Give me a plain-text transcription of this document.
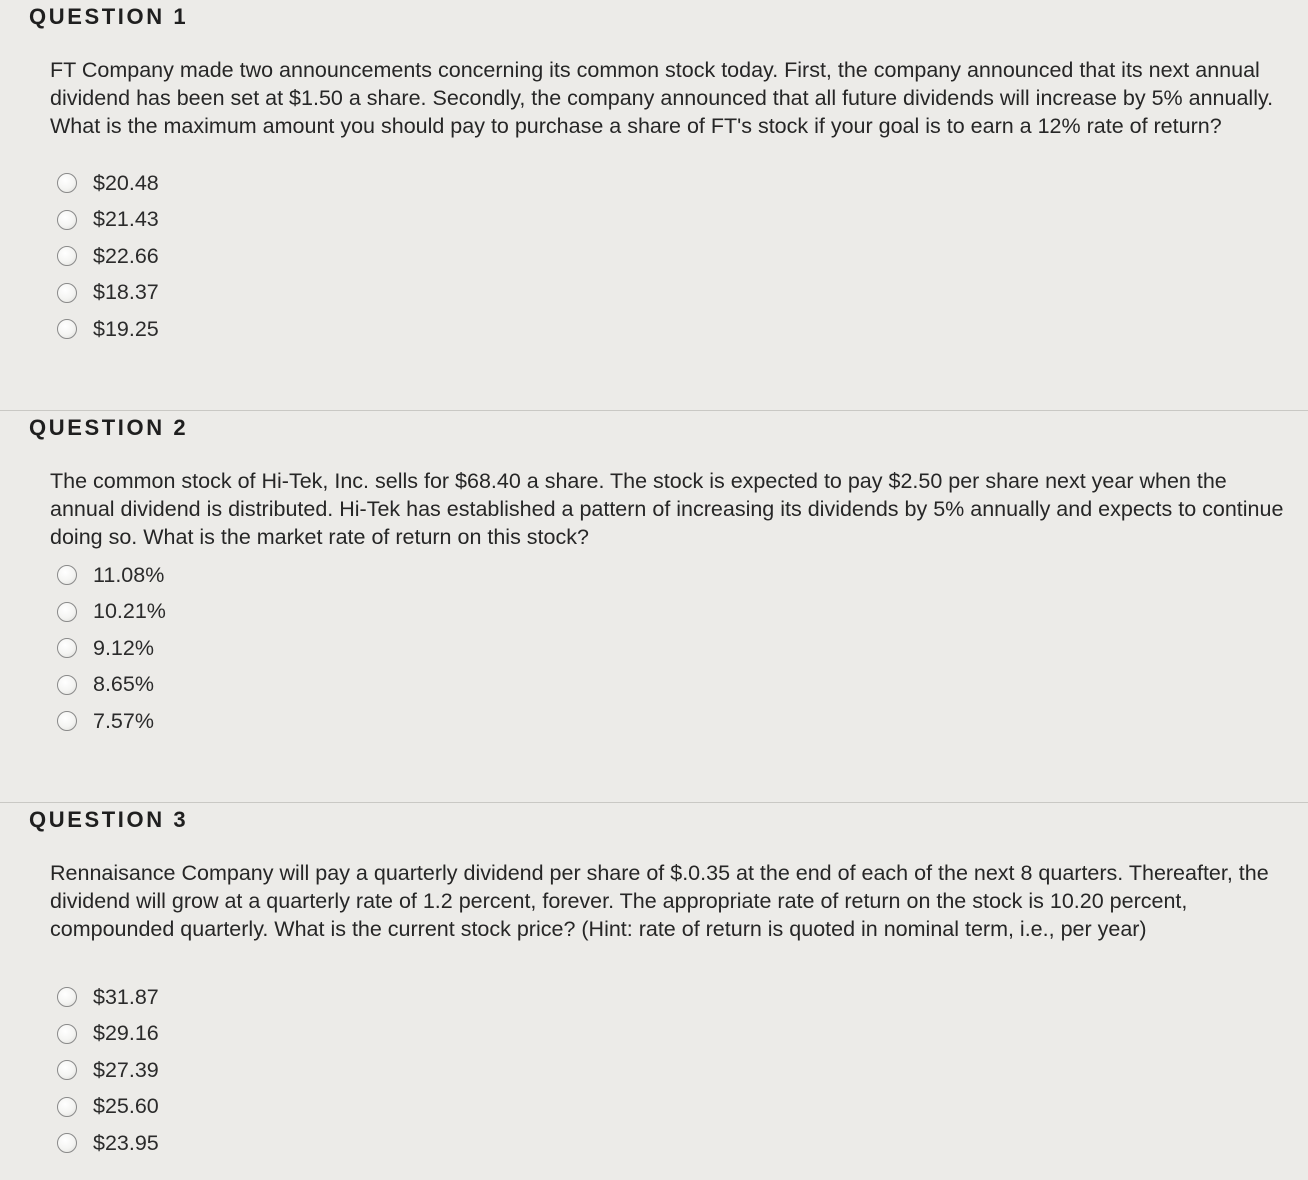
QUESTION 1

FT Company made two announcements concerning its common stock today. First, the company announced that its next annual dividend has been set at $1.50 a share. Secondly, the company announced that all future dividends will increase by 5% annually. What is the maximum amount you should pay to purchase a share of FT's stock if your goal is to earn a 12% rate of return?

$20.48
$21.43
$22.66
$18.37
$19.25
QUESTION 2

The common stock of Hi-Tek, Inc. sells for $68.40 a share. The stock is expected to pay $2.50 per share next year when the annual dividend is distributed. Hi-Tek has established a pattern of increasing its dividends by 5% annually and expects to continue doing so. What is the market rate of return on this stock?

11.08%
10.21%
9.12%
8.65%
7.57%
QUESTION 3

Rennaisance Company will pay a quarterly dividend per share of $.0.35 at the end of each of the next 8 quarters. Thereafter, the dividend will grow at a quarterly rate of 1.2 percent, forever. The appropriate rate of return on the stock is 10.20 percent, compounded quarterly. What is the current stock price? (Hint: rate of return is quoted in nominal term, i.e., per year)

$31.87
$29.16
$27.39
$25.60
$23.95
